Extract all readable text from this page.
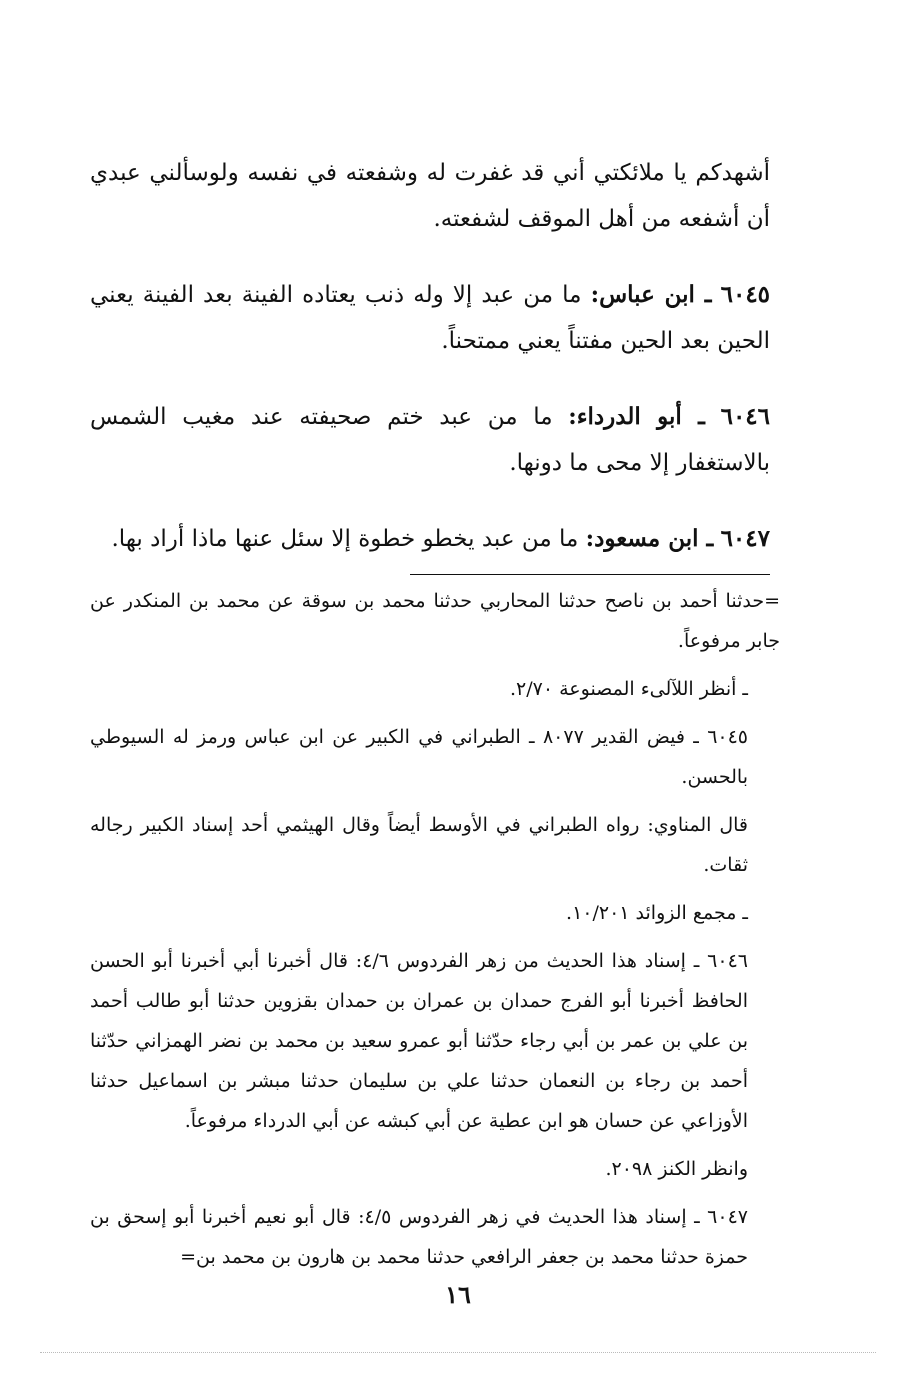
أشهدكم يا ملائكتي أني قد غفرت له وشفعته في نفسه ولوسألني عبدي أن أشفعه من أهل الموقف لشفعته.

٦٠٤٥ ـ ابن عباس: ما من عبد إلا وله ذنب يعتاده الفينة بعد الفينة يعني الحين بعد الحين مفتناً يعني ممتحناً.

٦٠٤٦ ـ أبو الدرداء: ما من عبد ختم صحيفته عند مغيب الشمس بالاستغفار إلا محى ما دونها.

٦٠٤٧ ـ ابن مسعود: ما من عبد يخطو خطوة إلا سئل عنها ماذا أراد بها.

=حدثنا أحمد بن ناصح حدثنا المحاربي حدثنا محمد بن سوقة عن محمد بن المنكدر عن جابر مرفوعاً.

ـ أنظر اللآلىء المصنوعة ٢/٧٠.

٦٠٤٥ ـ فيض القدير ٨٠٧٧ ـ الطبراني في الكبير عن ابن عباس ورمز له السيوطي بالحسن.

قال المناوي: رواه الطبراني في الأوسط أيضاً وقال الهيثمي أحد إسناد الكبير رجاله ثقات.

ـ مجمع الزوائد ١٠/٢٠١.

٦٠٤٦ ـ إسناد هذا الحديث من زهر الفردوس ٤/٦: قال أخبرنا أبي أخبرنا أبو الحسن الحافظ أخبرنا أبو الفرج حمدان بن عمران بن حمدان بقزوين حدثنا أبو طالب أحمد بن علي بن عمر بن أبي رجاء حدّثنا أبو عمرو سعيد بن محمد بن نضر الهمزاني حدّثنا أحمد بن رجاء بن النعمان حدثنا علي بن سليمان حدثنا مبشر بن اسماعيل حدثنا الأوزاعي عن حسان هو ابن عطية عن أبي كبشه عن أبي الدرداء مرفوعاً.

وانظر الكنز ٢٠٩٨.

٦٠٤٧ ـ إسناد هذا الحديث في زهر الفردوس ٤/٥: قال أبو نعيم أخبرنا أبو إسحق بن حمزة حدثنا محمد بن جعفر الرافعي حدثنا محمد بن هارون بن محمد بن=

١٦
